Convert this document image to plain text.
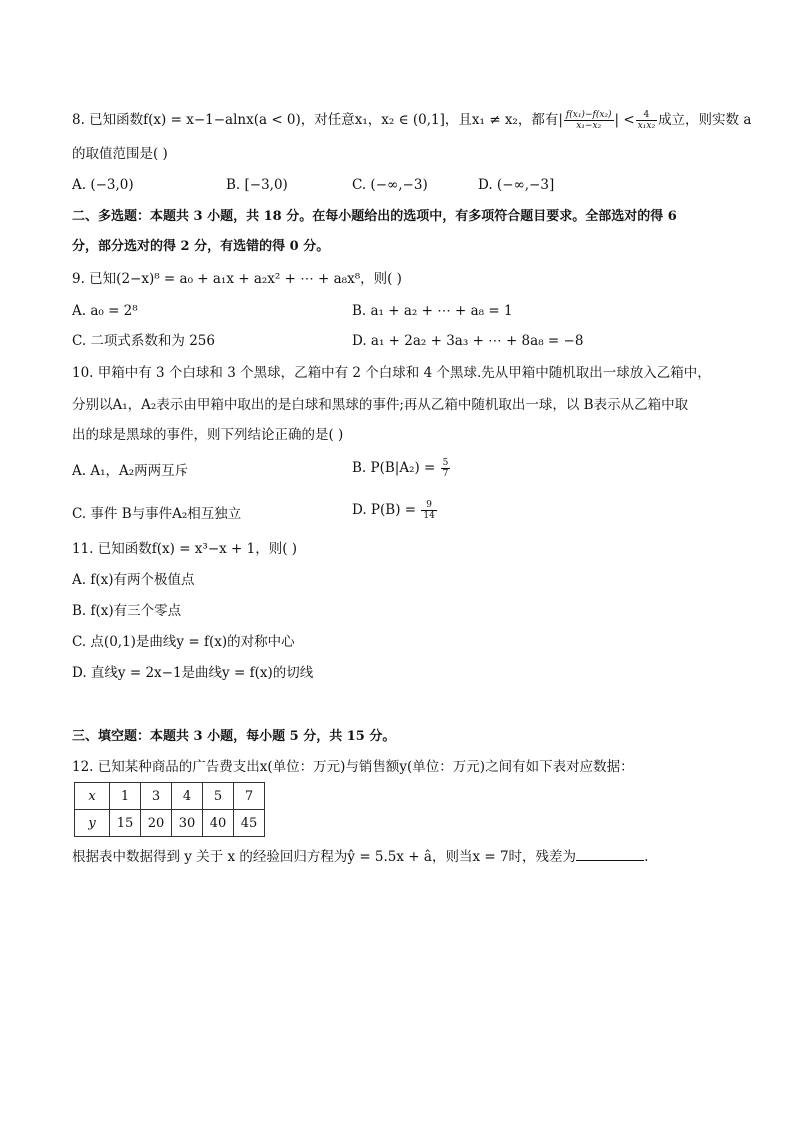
8. 已知函数f(x) = x−1−alnx(a < 0)，对任意x₁，x₂ ∈ (0,1]，且x₁ ≠ x₂，都有| $\frac{\text{f(x₁)−f(x₂)}}{\text{x₁−x₂}}$ | < $\frac{4}{\text{x₁x₂}}$ 成立，则实数 a
的取值范围是( )
A. (−3,0)	B. [−3,0)	C. (−∞,−3)	D. (−∞,−3]
二、多选题：本题共 3 小题，共 18 分。在每小题给出的选项中，有多项符合题目要求。全部选对的得 6
分，部分选对的得 2 分，有选错的得 0 分。
9. 已知(2−x)⁸ = a₀ + a₁x + a₂x² + ⋯ + a₈x⁸，则( )
A. a₀ = 2⁸	B. a₁ + a₂ + ⋯ + a₈ = 1
C. 二项式系数和为 256	D. a₁ + 2a₂ + 3a₃ + ⋯ + 8a₈ = −8
10. 甲箱中有 3 个白球和 3 个黑球，乙箱中有 2 个白球和 4 个黑球.先从甲箱中随机取出一球放入乙箱中，
分别以A₁，A₂表示由甲箱中取出的是白球和黑球的事件;再从乙箱中随机取出一球，以 B表示从乙箱中取
出的球是黑球的事件，则下列结论正确的是( )
A. A₁，A₂两两互斥	B. $P(B|A_2) = \frac{5}{7}$
C. 事件 B与事件A₂相互独立	D. $P(B) = \frac{9}{14}$
11. 已知函数f(x) = x³−x + 1，则( )
A. f(x)有两个极值点
B. f(x)有三个零点
C. 点(0,1)是曲线y = f(x)的对称中心
D. 直线y = 2x−1是曲线y = f(x)的切线
三、填空题：本题共 3 小题，每小题 5 分，共 15 分。
12. 已知某种商品的广告费支出x(单位：万元)与销售额y(单位：万元)之间有如下表对应数据：
x	1	3	4	5	7
y	15	20	30	40	45
根据表中数据得到 y 关于 x 的经验回归方程为ŷ = 5.5x + â，则当x = 7时，残差为	.
